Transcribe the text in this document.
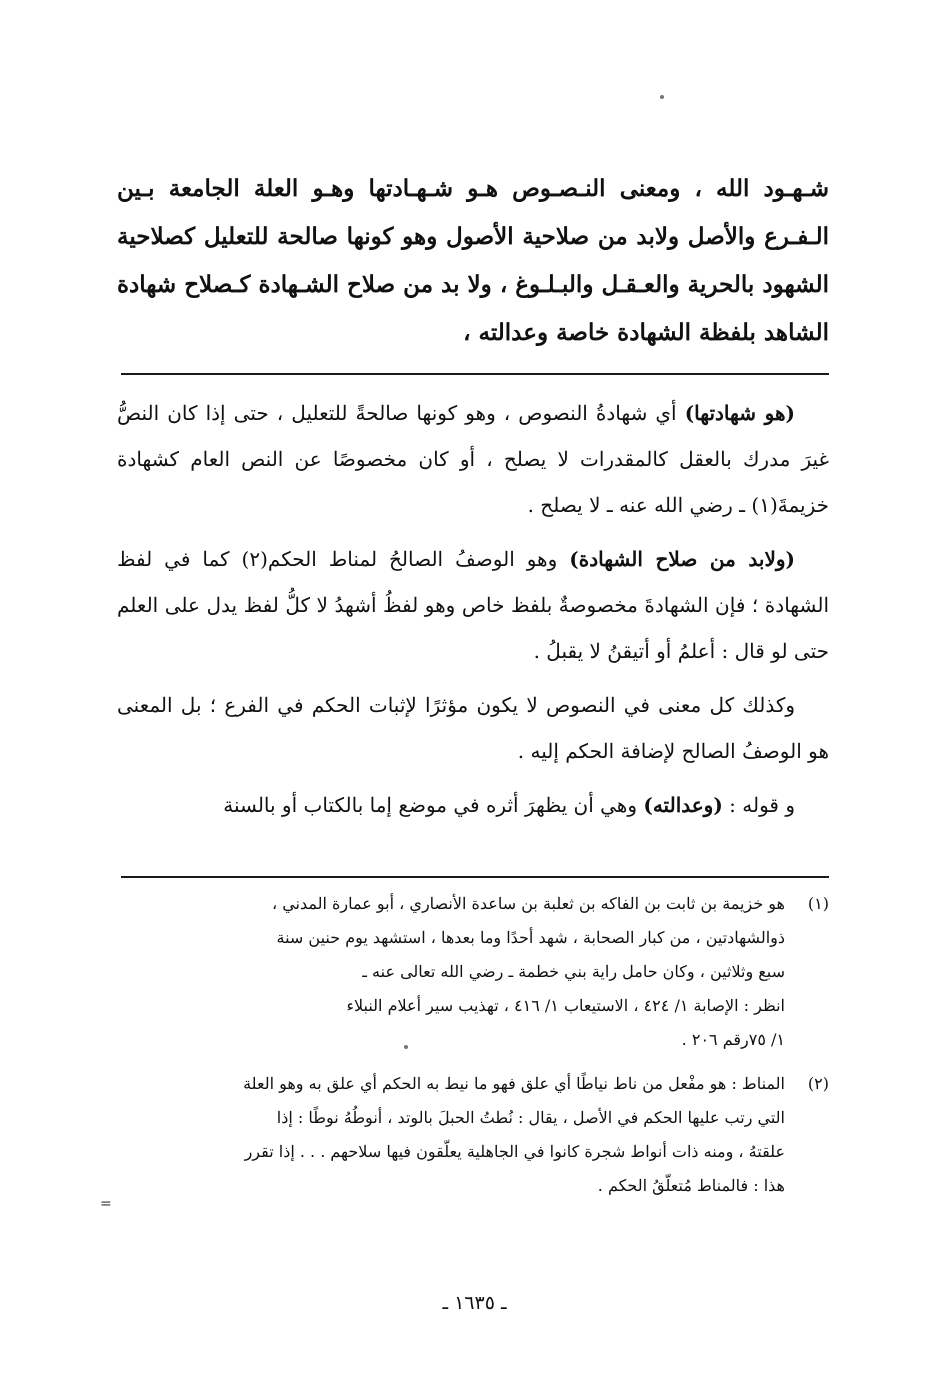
شـهـود الله ، ومعنى النـصـوص هـو شـهـادتها وهـو العلة الجامعة بـين الـفـرع والأصل ولابد من صلاحية الأصول وهو كونها صالحة للتعليل كصلاحية الشهود بالحرية والعـقـل والبـلـوغ ، ولا بد من صلاح الشـهادة كـصلاح شهادة الشاهد بلفظة الشهادة خاصة وعدالته ،

(هو شهادتها) أي شهادةُ النصوص ، وهو كونها صالحةً للتعليل ، حتى إذا كان النصُّ غيرَ مدرك بالعقل كالمقدرات لا يصلح ، أو كان مخصوصًا عن النص العام كشهادة خزيمةَ(١) ـ رضي الله عنه ـ لا يصلح .

(ولابد من صلاح الشهادة) وهو الوصفُ الصالحُ لمناط الحكم(٢) كما في لفظ الشهادة ؛ فإن الشهادةَ مخصوصةٌ بلفظ خاص وهو لفظُ أشهدُ لا كلُّ لفظ يدل على العلم حتى لو قال : أعلمُ أو أتيقنُ لا يقبلُ .

وكذلك كل معنى في النصوص لا يكون مؤثرًا لإثبات الحكم في الفرع ؛ بل المعنى هو الوصفُ الصالح لإضافة الحكم إليه .

و قوله : (وعدالته) وهي أن يظهرَ أثره في موضع إما بالكتاب أو بالسنة

(١)
هو خزيمة بن ثابت بن الفاكه بن ثعلبة بن ساعدة الأنصاري ، أبو عمارة المدني ،
ذوالشهادتين ، من كبار الصحابة ، شهد أحدًا وما بعدها ، استشهد يوم حنين سنة
سبع وثلاثين ، وكان حامل راية بني خطمة ـ رضي الله تعالى عنه ـ
انظر : الإصابة ١/ ٤٢٤ ، الاستيعاب ١/ ٤١٦ ، تهذيب سير أعلام النبلاء
١/ ٧٥رقم ٢٠٦ .
(٢)
المناط : هو مفْعل من ناط نياطًا أي علق فهو ما نيط به الحكم أي علق به وهو العلة
التي رتب عليها الحكم في الأصل ، يقال : نُطتُ الحبلَ بالوتد ، أنوطُهُ نوطًا : إذا
علقتهُ ، ومنه ذات أنواط شجرة كانوا في الجاهلية يعلّقون فيها سلاحهم . . . إذا تقرر
هذا : فالمناط مُتعلّقُ الحكم .
=
ـ ١٦٣٥ ـ
